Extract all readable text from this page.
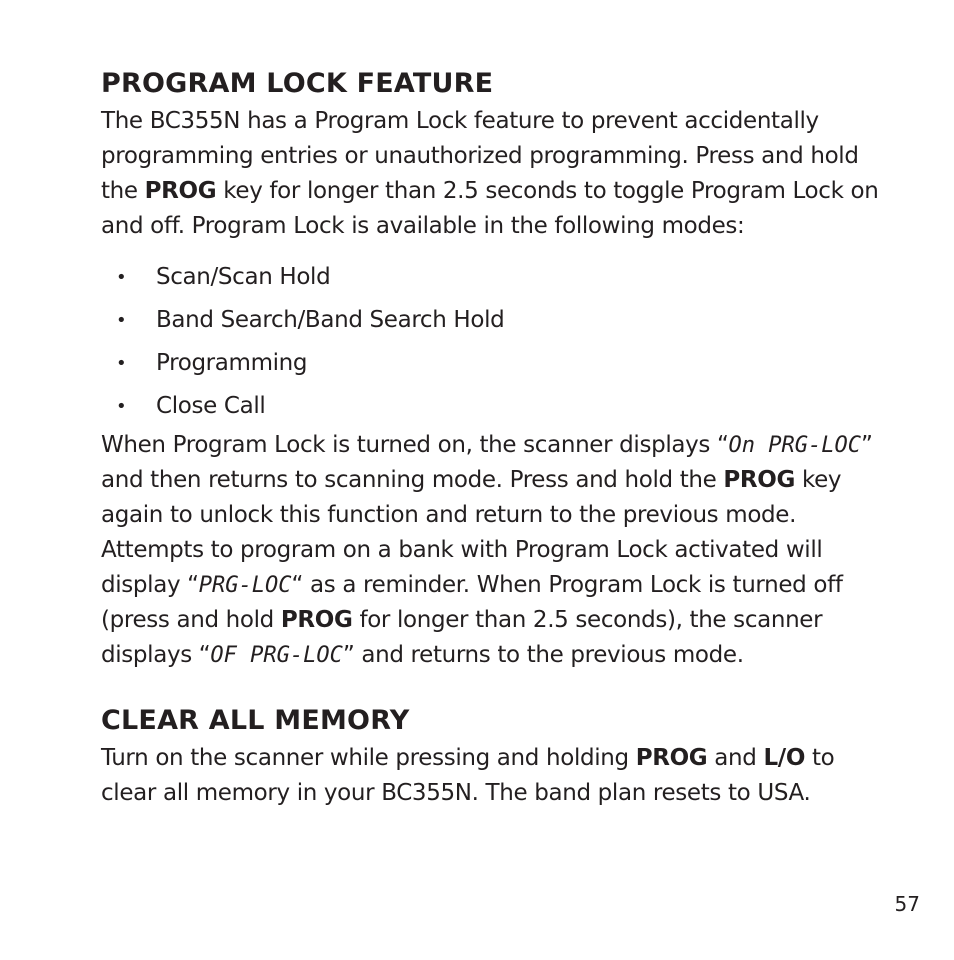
PROGRAM LOCK FEATURE

The BC355N has a Program Lock feature to prevent accidentally programming entries or unauthorized programming. Press and hold the PROG key for longer than 2.5 seconds to toggle Program Lock on and off. Program Lock is available in the following modes:

• Scan/Scan Hold
• Band Search/Band Search Hold
• Programming
• Close Call

When Program Lock is turned on, the scanner displays “On PRG-LOC” and then returns to scanning mode. Press and hold the PROG key again to unlock this function and return to the previous mode. Attempts to program on a bank with Program Lock activated will display “PRG-LOC“ as a reminder. When Program Lock is turned off (press and hold PROG for longer than 2.5 seconds), the scanner displays “OF PRG-LOC” and returns to the previous mode.

CLEAR ALL MEMORY

Turn on the scanner while pressing and holding PROG and L/O to clear all memory in your BC355N. The band plan resets to USA.

57
